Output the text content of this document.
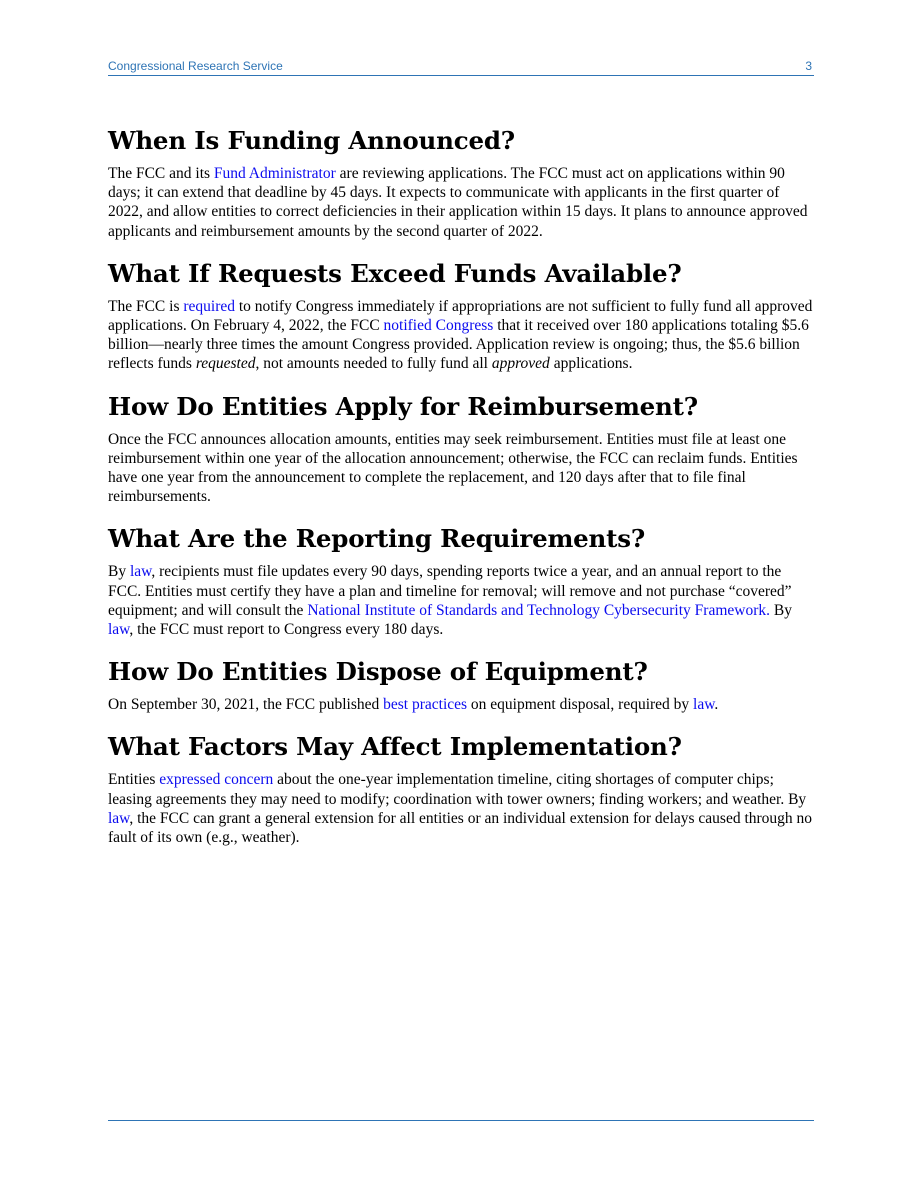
Congressional Research Service	3
When Is Funding Announced?

The FCC and its Fund Administrator are reviewing applications. The FCC must act on applications within 90 days; it can extend that deadline by 45 days. It expects to communicate with applicants in the first quarter of 2022, and allow entities to correct deficiencies in their application within 15 days. It plans to announce approved applicants and reimbursement amounts by the second quarter of 2022.

What If Requests Exceed Funds Available?

The FCC is required to notify Congress immediately if appropriations are not sufficient to fully fund all approved applications. On February 4, 2022, the FCC notified Congress that it received over 180 applications totaling $5.6 billion—nearly three times the amount Congress provided. Application review is ongoing; thus, the $5.6 billion reflects funds requested, not amounts needed to fully fund all approved applications.

How Do Entities Apply for Reimbursement?

Once the FCC announces allocation amounts, entities may seek reimbursement. Entities must file at least one reimbursement within one year of the allocation announcement; otherwise, the FCC can reclaim funds. Entities have one year from the announcement to complete the replacement, and 120 days after that to file final reimbursements.

What Are the Reporting Requirements?

By law, recipients must file updates every 90 days, spending reports twice a year, and an annual report to the FCC. Entities must certify they have a plan and timeline for removal; will remove and not purchase “covered” equipment; and will consult the National Institute of Standards and Technology Cybersecurity Framework. By law, the FCC must report to Congress every 180 days.

How Do Entities Dispose of Equipment?

On September 30, 2021, the FCC published best practices on equipment disposal, required by law.

What Factors May Affect Implementation?

Entities expressed concern about the one-year implementation timeline, citing shortages of computer chips; leasing agreements they may need to modify; coordination with tower owners; finding workers; and weather. By law, the FCC can grant a general extension for all entities or an individual extension for delays caused through no fault of its own (e.g., weather).
